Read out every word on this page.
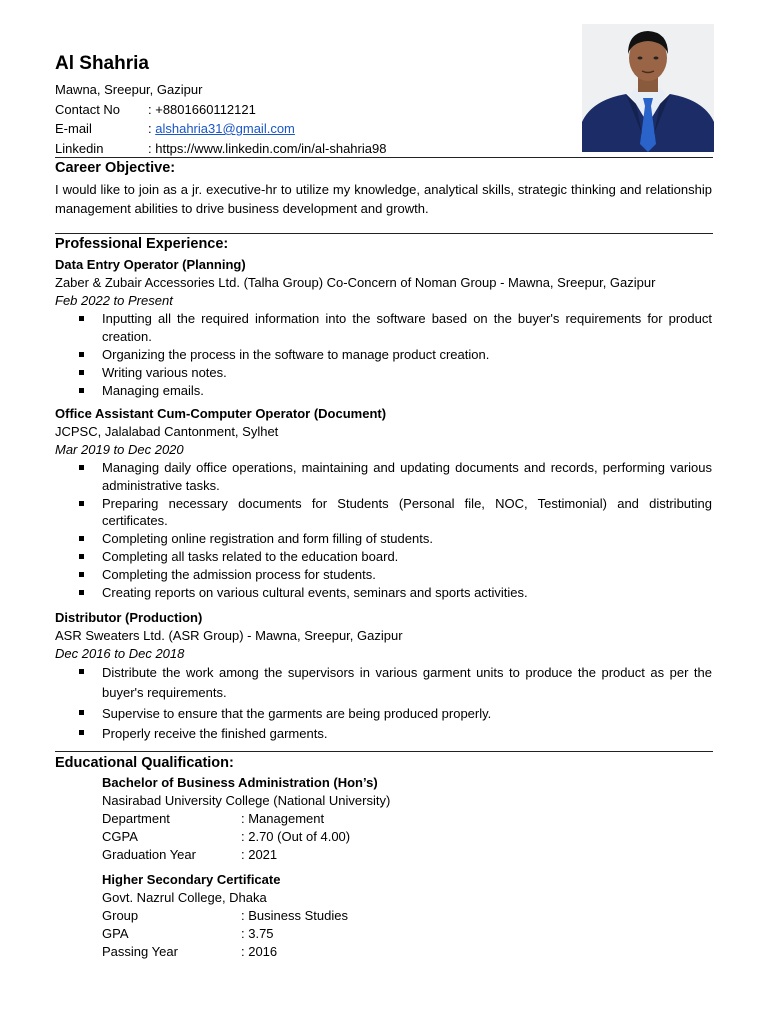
Al Shahria
Mawna, Sreepur, Gazipur
Contact No	: +8801660112121
E-mail	: alshahria31@gmail.com
Linkedin	: https://www.linkedin.com/in/al-shahria98
Career Objective:
I would like to join as a jr. executive-hr to utilize my knowledge, analytical skills, strategic thinking and relationship management abilities to drive business development and growth.
Professional Experience:
Data Entry Operator (Planning)
Zaber & Zubair Accessories Ltd. (Talha Group) Co-Concern of Noman Group - Mawna, Sreepur, Gazipur
Feb 2022 to Present
Inputting all the required information into the software based on the buyer's requirements for product creation.
Organizing the process in the software to manage product creation.
Writing various notes.
Managing emails.
Office Assistant Cum-Computer Operator (Document)
JCPSC, Jalalabad Cantonment, Sylhet
Mar 2019 to Dec 2020
Managing daily office operations, maintaining and updating documents and records, performing various administrative tasks.
Preparing necessary documents for Students (Personal file, NOC, Testimonial) and distributing certificates.
Completing online registration and form filling of students.
Completing all tasks related to the education board.
Completing the admission process for students.
Creating reports on various cultural events, seminars and sports activities.
Distributor (Production)
ASR Sweaters Ltd. (ASR Group) - Mawna, Sreepur, Gazipur
Dec 2016 to Dec 2018
Distribute the work among the supervisors in various garment units to produce the product as per the buyer's requirements.
Supervise to ensure that the garments are being produced properly.
Properly receive the finished garments.
Educational Qualification:
Bachelor of Business Administration (Hon’s)
Nasirabad University College (National University)
Department	: Management
CGPA	: 2.70 (Out of 4.00)
Graduation Year	: 2021
Higher Secondary Certificate
Govt. Nazrul College, Dhaka
Group	: Business Studies
GPA	: 3.75
Passing Year	: 2016
